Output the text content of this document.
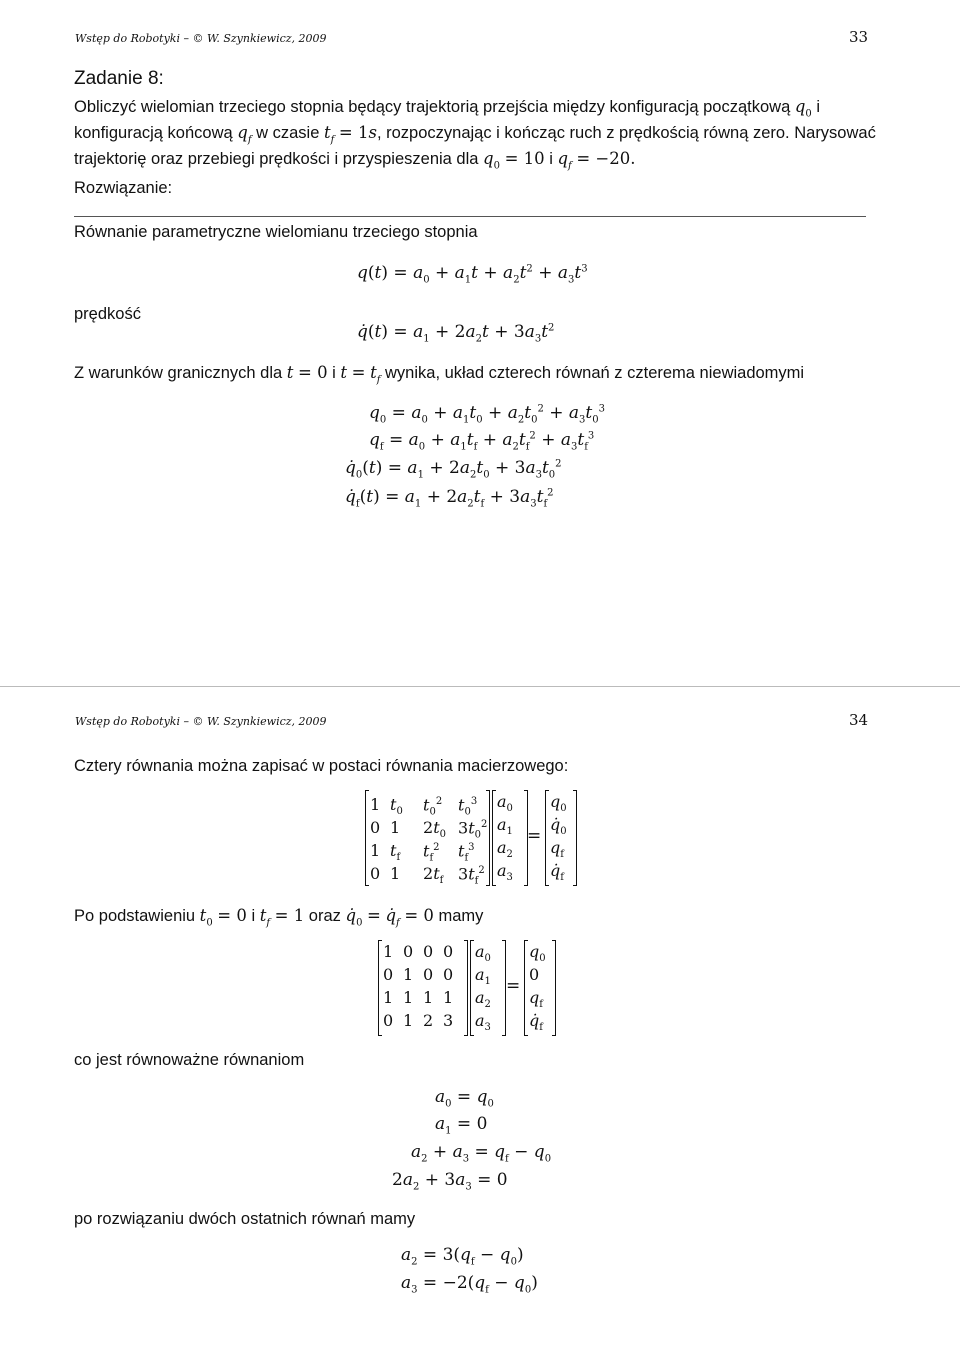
Wstęp do Robotyki – © W. Szynkiewicz, 2009	33
Zadanie 8:
Obliczyć wielomian trzeciego stopnia będący trajektorią przejścia między konfiguracją początkową $q_0$ i
konfiguracją końcową $q_f$ w czasie $t_f = 1s$, rozpoczynając i kończąc ruch z prędkością równą zero. Narysować
trajektorię oraz przebiegi prędkości i przyspieszenia dla $q_0 = 10$ i $q_f = -20$.
Rozwiązanie:
Równanie parametryczne wielomianu trzeciego stopnia
$q(t) = a_0 + a_1t + a_2t^2 + a_3t^3$
prędkość
q̇(t) = $a_1 + 2a_2t + 3a_3t^2$
Z warunków granicznych dla t = 0 i $t = t_f$ wynika, układ czterech równań z czterema niewiadomymi
$q_0 = a_0 + a_1t_0 + a_2t_0^2 + a_3t_0^3$
$q_f = a_0 + a_1t_f + a_2t_f^2 + a_3t_f^3$
$q̇_0(t) = a_1 + 2a_2t_0 + 3a_3t_0^2$
$q̇_f(t) = a_1 + 2a_2t_f + 3a_3t_f^2$
Wstęp do Robotyki – © W. Szynkiewicz, 2009	34
Cztery równania można zapisać w postaci równania macierzowego:
1 $t_0$ $t_0^2$ $t_0^3$
0 1 $2t_0$ $3t_0^2$
1 $t_f$ $t_f^2$ $t_f^3$
0 1 $2t_f$ $3t_f^2$
$a_0$
$a_1$
$a_2$
$a_3$
=
$q_0$
$q̇_0$
$q_f$
$q̇_f$
Po podstawieniu $t_0 = 0$ i $t_f = 1$ oraz $q̇_0$ = $q̇_f = 0$ mamy
1 0 0 0
0 1 0 0
1 1 1 1
0 1 2 3
$a_0$
$a_1$
$a_2$
$a_3$
=
$q_0$
0
$q_f$
$q̇_f$
co jest równoważne równaniom
$a_0 = q_0$
$a_1 = 0$
$a_2 + a_3 = q_f - q_0$
$2a_2 + 3a_3 = 0$
po rozwiązaniu dwóch ostatnich równań mamy
$a_2 = 3(q_f - q_0)$
$a_3 = -2(q_f - q_0)$
